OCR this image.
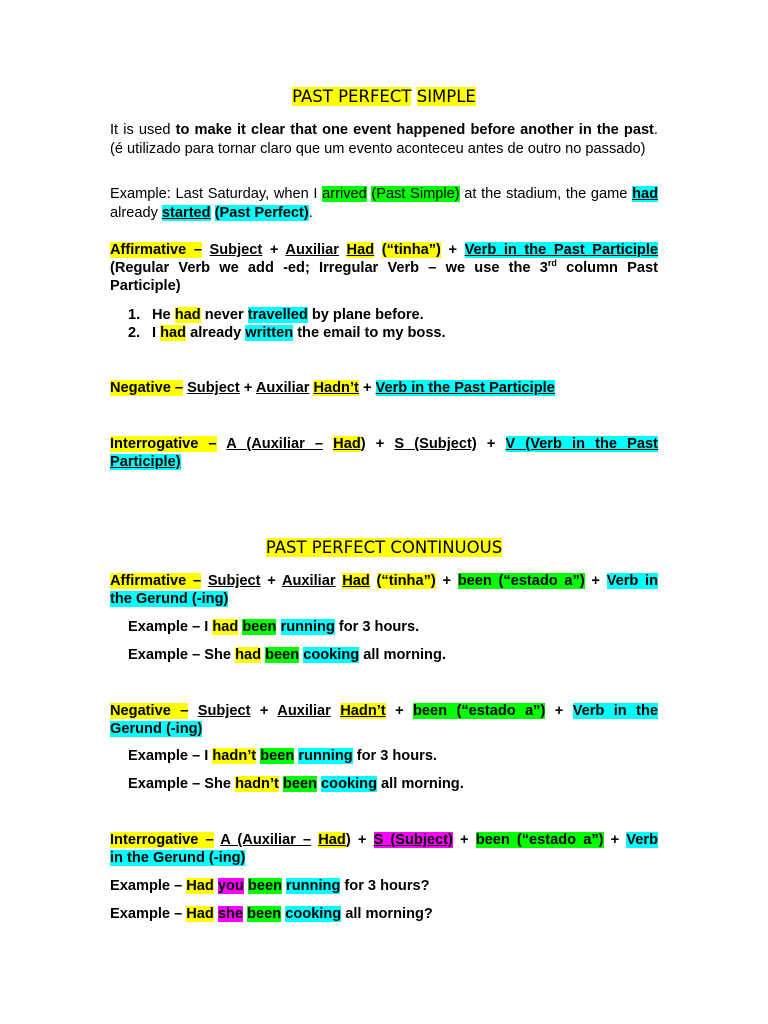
PAST PERFECT SIMPLE
It is used to make it clear that one event happened before another in the past. (é utilizado para tornar claro que um evento aconteceu antes de outro no passado)
Example: Last Saturday, when I arrived (Past Simple) at the stadium, the game had already started (Past Perfect).
Affirmative – Subject + Auxiliar Had (“tinha”) + Verb in the Past Participle
(Regular Verb we add -ed; Irregular Verb – we use the 3rd column Past
Participle)
1. He had never travelled by plane before.
2. I had already written the email to my boss.
Negative – Subject + Auxiliar Hadn’t + Verb in the Past Participle
Interrogative – A (Auxiliar – Had) + S (Subject) + V (Verb in the Past
Participle)
PAST PERFECT CONTINUOUS
Affirmative – Subject + Auxiliar Had (“tinha”) + been (“estado a”) + Verb in
the Gerund (-ing)
Example – I had been running for 3 hours.
Example – She had been cooking all morning.
Negative – Subject + Auxiliar Hadn’t + been (“estado a”) + Verb in the
Gerund (-ing)
Example – I hadn’t been running for 3 hours.
Example – She hadn’t been cooking all morning.
Interrogative – A (Auxiliar – Had) + S (Subject) + been (“estado a”) + Verb
in the Gerund (-ing)
Example – Had you been running for 3 hours?
Example – Had she been cooking all morning?
